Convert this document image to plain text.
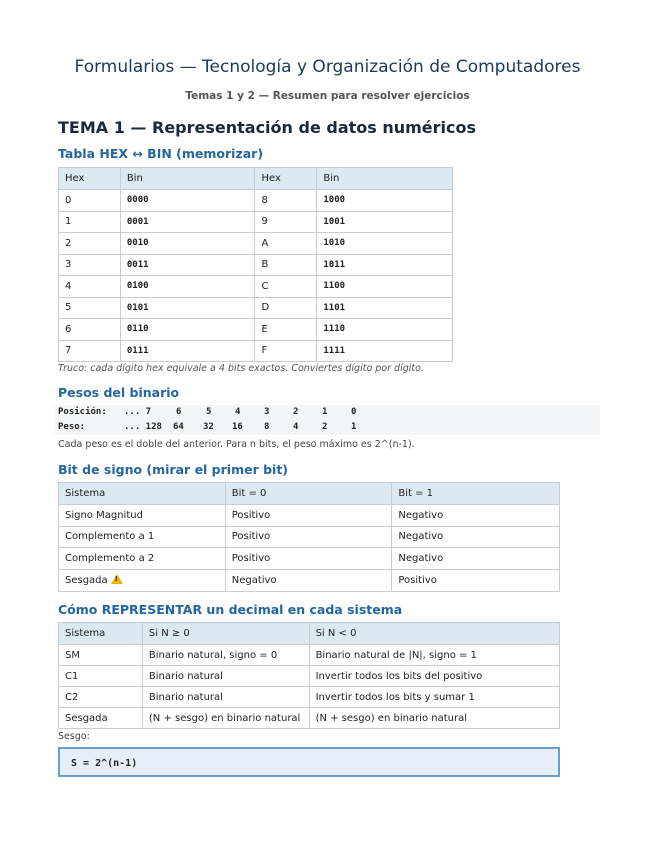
Formularios — Tecnología y Organización de Computadores
Temas 1 y 2 — Resumen para resolver ejercicios
TEMA 1 — Representación de datos numéricos
Tabla HEX ↔ BIN (memorizar)
Hex	Bin	Hex	Bin
0	0000	8	1000
1	0001	9	1001
2	0010	A	1010
3	0011	B	1011
4	0100	C	1100
5	0101	D	1101
6	0110	E	1110
7	0111	F	1111
Truco: cada dígito hex equivale a 4 bits exactos. Conviertes dígito por dígito.
Pesos del binario
Posición: ... 7	6	5	4	3	2	1	0
Peso:	... 128 64 32 16 8	4	2	1
Cada peso es el doble del anterior. Para n bits, el peso máximo es 2^(n-1).
Bit de signo (mirar el primer bit)
Sistema	Bit = 0	Bit = 1
Signo Magnitud	Positivo	Negativo
Complemento a 1	Positivo	Negativo
Complemento a 2	Positivo	Negativo
Sesgada!	Negativo	Positivo
Cómo REPRESENTAR un decimal en cada sistema
Sistema	Si N ≥ 0	Si N < 0
SM	Binario natural, signo = 0	Binario natural de |N|, signo = 1
C1	Binario natural	Invertir todos los bits del positivo
C2	Binario natural	Invertir todos los bits y sumar 1
Sesgada	(N + sesgo) en binario natural	(N + sesgo) en binario natural
Sesgo:
S = 2^(n-1)
